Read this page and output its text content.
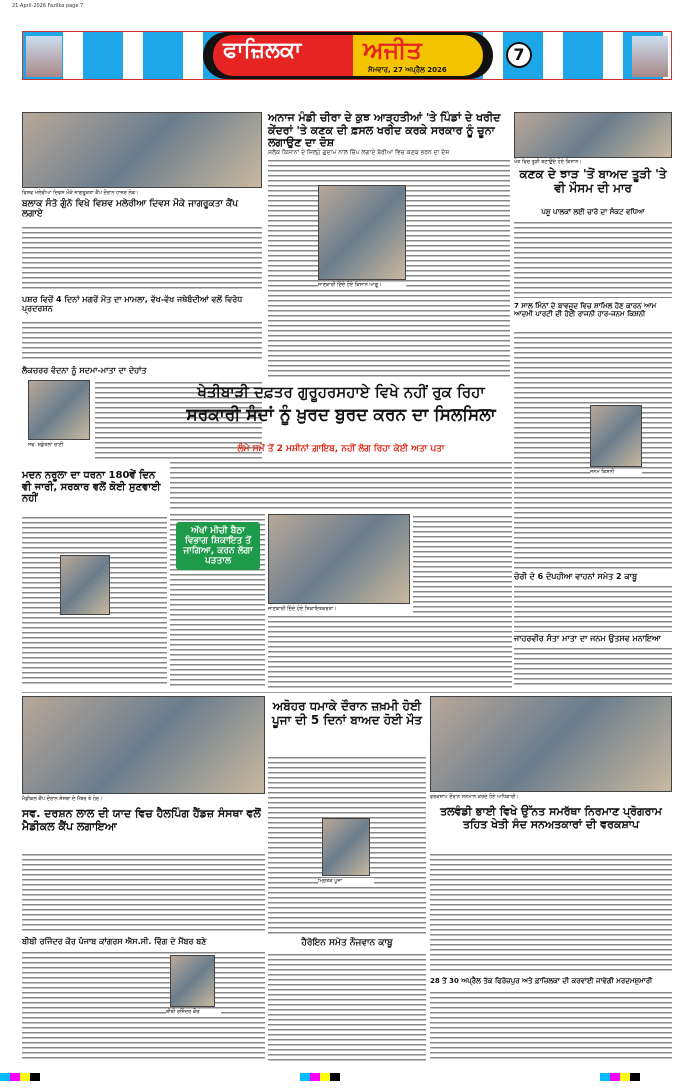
21-April-2026 Fazilka page 7
ਫਾਜ਼ਿਲਕਾ	ਅਜੀਤ
ਸੋਮਵਾਰ, 27 ਅਪ੍ਰੈਲ 2026
7
ਵਿਸ਼ਵ ਮਲੇਰੀਆ ਦਿਵਸ ਮੌਕੇ ਜਾਗਰੂਕਤਾ ਕੈਂਪ ਦੌਰਾਨ ਹਾਜ਼ਰ ਲੋਕ।
ਬਲਾਕ ਸੰਤੋ ਗੁੰਨੋ ਵਿਖੇ ਵਿਸ਼ਵ ਮਲੇਰੀਆ ਦਿਵਸ ਮੌਕੇ ਜਾਗਰੂਕਤਾ ਕੈਂਪ ਲਗਾਏ
ਪਸ਼ਰ ਵਿਚੋਂ 4 ਦਿਨਾਂ ਮਗਰੋਂ ਮੌਤ ਦਾ ਮਾਮਲਾ, ਵੱਖ-ਵੱਖ ਜਥੇਬੰਦੀਆਂ ਵਲੋਂ ਵਿਰੋਧ ਪ੍ਰਦਰਸ਼ਨ
ਲੈਕਚਰਰ ਵੰਦਨਾ ਨੂੰ ਸਦਮਾ-ਮਾਤਾ ਦਾ ਦੇਹਾਂਤ
ਸਵ. ਸ਼ਕੁੰਤਲਾ ਰਾਣੀ
ਮਦਨ ਨਰੂਲਾ ਦਾ ਧਰਨਾ 180ਵੇਂ ਦਿਨ ਵੀ ਜਾਰੀ, ਸਰਕਾਰ ਵਲੋਂ ਕੋਈ ਸੁਣਵਾਈ ਨਹੀਂ
ਅਨਾਜ ਮੰਡੀ ਚੀਰਾ ਦੇ ਕੁਝ ਆੜ੍ਹਤੀਆਂ 'ਤੇ ਪਿੰਡਾਂ ਦੇ ਖਰੀਦ ਕੇਂਦਰਾਂ 'ਤੇ ਕਣਕ ਦੀ ਫ਼ਸਲ ਖਰੀਦ ਕਰਕੇ ਸਰਕਾਰ ਨੂੰ ਚੂਨਾ ਲਗਾਉਣ ਦਾ ਦੋਸ਼
ਸ਼ਲੋਕ ਕਿਸਾਨਾਂ ਦੇ ਜਿਲ੍ਹੇ ਗੁਦਾਮ ਨਾਲ ਚਿੱਪ ਲਗਾਏ ਬੋਰੀਆਂ ਵਿਚ ਕਣਕ ਭਰਨ ਦਾ ਦੋਸ਼
ਜਾਣਕਾਰੀ ਦਿੰਦੇ ਹੋਏ ਕਿਸਾਨ ਆਗੂ।
ਖੇਤ ਵਿਚ ਤੂੜੀ ਬਣਾਉਂਦੇ ਹੋਏ ਕਿਸਾਨ।
ਕਣਕ ਦੇ ਝਾੜ 'ਤੋਂ ਬਾਅਦ ਤੂੜੀ 'ਤੇ ਵੀ ਮੌਸਮ ਦੀ ਮਾਰ
ਪਸ਼ੂ ਪਾਲਕਾਂ ਲਈ ਚਾਰੇ ਦਾ ਸੰਕਟ ਵਧਿਆ
7 ਸਾਲ ਮਿੰਨਾਂ ਦੇ ਬਾਵਜੂਦ ਵਿਚ ਸ਼ਾਮਿਲ ਹੋਣ ਕਾਰਨ ਆਮ ਆਦਮੀ ਪਾਰਟੀ ਦੀ ਹੋਈ ਰਾਜਨੀ ਹਾਰ-ਜਨਮ ਕਿਸ਼ਨੀ
ਜਨਮ ਕਿਸ਼ਨੀ
ਖੇਤੀਬਾੜੀ ਦਫ਼ਤਰ ਗੁਰੂਹਰਸਹਾਏ ਵਿਖੇ ਨਹੀਂ ਰੁਕ ਰਿਹਾ
ਸਰਕਾਰੀ ਸੰਦਾਂ ਨੂੰ ਖ਼ੁਰਦ ਬੁਰਦ ਕਰਨ ਦਾ ਸਿਲਸਿਲਾ
ਲੰਮੇ ਸਮੇਂ ਤੋਂ 2 ਮਸ਼ੀਨਾਂ ਗ਼ਾਇਬ, ਨਹੀਂ ਲੱਗ ਰਿਹਾ ਕੋਈ ਅਤਾ ਪਤਾ
ਅੱਖਾਂ ਮੀਚੀ ਬੈਠਾ ਵਿਭਾਗ ਸ਼ਿਕਾਇਤ ਤੋਂ ਜਾਗਿਆ, ਕਰਨ ਲੱਗਾ ਪੜਤਾਲ
ਜਾਣਕਾਰੀ ਦਿੰਦੇ ਹੋਏ ਸ਼ਿਕਾਇਤਕਰਤਾ।
ਚੋਰੀ ਦੇ 6 ਦੋਪਹੀਆ ਵਾਹਨਾਂ ਸਮੇਤ 2 ਕਾਬੂ
ਜਾਹਰਵੀਰ ਸੰਤਾ ਮਾਤਾ ਦਾ ਜਨਮ ਉਤਸਵ ਮਨਾਇਆ
ਮੈਡੀਕਲ ਕੈਂਪ ਦੌਰਾਨ ਸੰਸਥਾ ਦੇ ਮੈਂਬਰ ਤੇ ਹੋਰ।
ਸਵ. ਦਰਸ਼ਨ ਲਾਲ ਦੀ ਯਾਦ ਵਿਚ ਹੈਲਪਿੰਗ ਹੈਂਡਜ਼ ਸੰਸਥਾ ਵਲੋਂ ਮੈਡੀਕਲ ਕੈਂਪ ਲਗਾਇਆ
ਬੀਬੀ ਰਜਿੰਦਰ ਕੌਰ ਪੰਜਾਬ ਕਾਂਗਰਸ ਐਸ.ਸੀ. ਵਿੰਗ ਦੇ ਮੈਂਬਰ ਬਣੇ
ਬੀਬੀ ਰਜਿੰਦਰ ਕੌਰ
ਅਬੋਹਰ ਧਮਾਕੇ ਦੌਰਾਨ ਜ਼ਖ਼ਮੀ ਹੋਈ ਪੂਜਾ ਦੀ 5 ਦਿਨਾਂ ਬਾਅਦ ਹੋਈ ਮੌਤ
ਮ੍ਰਿਤਕ ਪੂਜਾ
ਹੈਰੋਇਨ ਸਮੇਤ ਨੌਜਵਾਨ ਕਾਬੂ
ਵਰਕਸ਼ਾਪ ਦੌਰਾਨ ਸਨਮਾਨ ਕਰਦੇ ਹੋਏ ਅਧਿਕਾਰੀ।
ਤਲਵੰਡੀ ਭਾਈ ਵਿਖੇ ਉੱਨਤ ਸਮਰੱਥਾ ਨਿਰਮਾਣ ਪ੍ਰੋਗਰਾਮ ਤਹਿਤ ਖੇਤੀ ਸੰਦ ਸਨਅਤਕਾਰਾਂ ਦੀ ਵਰਕਸ਼ਾਪ
28 ਤੋਂ 30 ਅਪ੍ਰੈਲ ਤੱਕ ਫਿਰੋਜ਼ਪੁਰ ਅਤੇ ਫ਼ਾਜ਼ਿਲਕਾ ਦੀ ਕਰਵਾਈ ਜਾਵੇਗੀ ਮਰਦਮਸ਼ੁਮਾਰੀ
